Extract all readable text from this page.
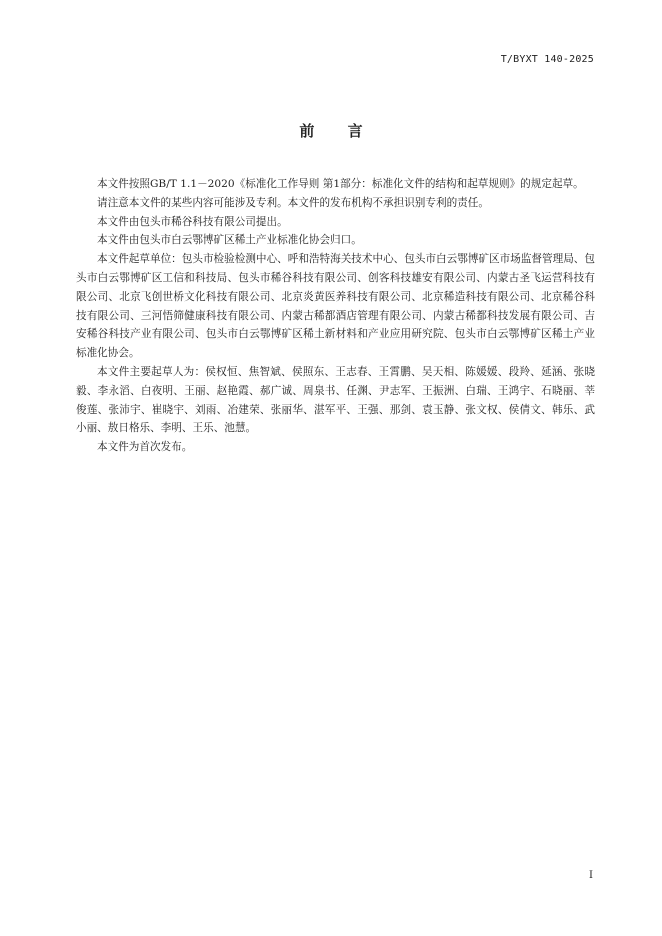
T/BYXT 140-2025
前 言

本文件按照GB/T 1.1－2020《标准化工作导则 第1部分：标准化文件的结构和起草规则》的规定起草。

请注意本文件的某些内容可能涉及专利。本文件的发布机构不承担识别专利的责任。

本文件由包头市稀谷科技有限公司提出。

本文件由包头市白云鄂博矿区稀土产业标准化协会归口。

本文件起草单位：包头市检验检测中心、呼和浩特海关技术中心、包头市白云鄂博矿区市场监督管理局、包头市白云鄂博矿区工信和科技局、包头市稀谷科技有限公司、创客科技雄安有限公司、内蒙古圣飞运营科技有限公司、北京飞创世桥文化科技有限公司、北京炎黄医养科技有限公司、北京稀造科技有限公司、北京稀谷科技有限公司、三河悟筛健康科技有限公司、内蒙古稀都酒店管理有限公司、内蒙古稀都科技发展有限公司、吉安稀谷科技产业有限公司、包头市白云鄂博矿区稀土新材料和产业应用研究院、包头市白云鄂博矿区稀土产业标准化协会。

本文件主要起草人为：侯权恒、焦智斌、侯照东、王志春、王霄鹏、吴天相、陈媛媛、段羚、延涵、张晓毅、李永滔、白夜明、王丽、赵艳霞、郝广诚、周泉书、任渊、尹志军、王振洲、白瑞、王鸿宇、石晓丽、莘俊莲、张沛宇、崔晓宇、刘雨、冶建荣、张丽华、湛军平、王强、那剑、袁玉静、张文权、侯倩文、韩乐、武小丽、敖日格乐、李明、王乐、池慧。

本文件为首次发布。

I
